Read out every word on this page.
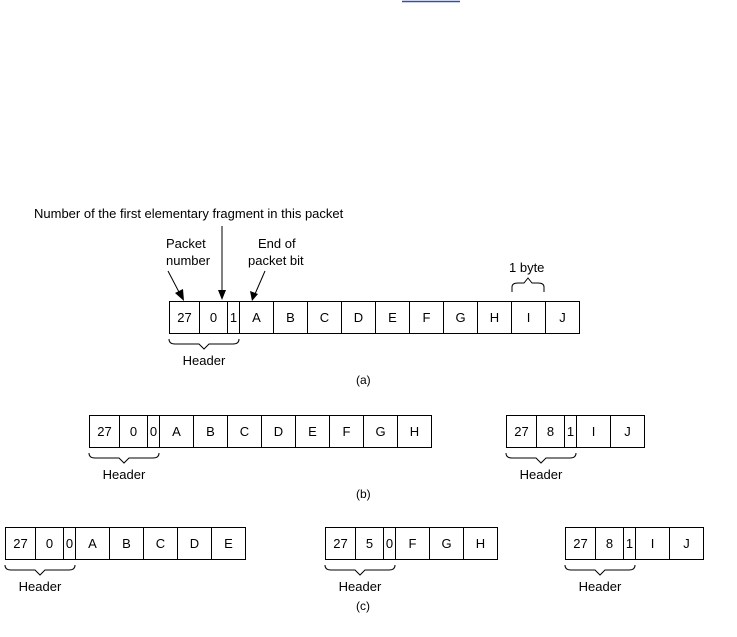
Number of the first elementary fragment in this packet
Packet
number
End of
packet bit	1 byte
27 0 1 A B C D E F G H I J
Header
27 0 0 A B C D E F G H
Header
27 8 1 I J
Header
27 0 0 A B C D E
Header
27 5 0 F G H
Header
27 8 1 I J
Header
(a)
(b)
(c)
